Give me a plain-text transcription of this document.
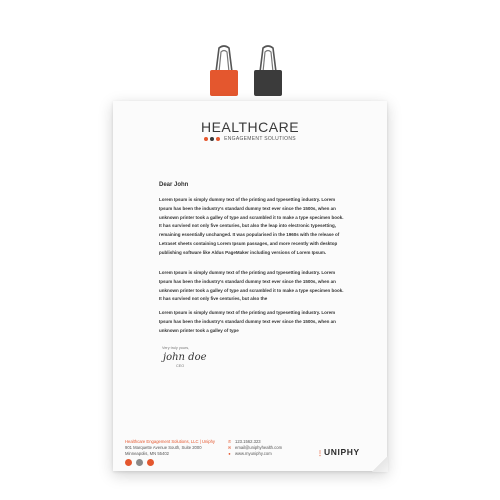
HEALTHCARE
ENGAGEMENT SOLUTIONS
Dear John

Lorem Ipsum is simply dummy text of the printing and typesetting industry. Lorem Ipsum has been the industry's standard dummy text ever since the 1500s, when an unknown printer took a galley of type and scrambled it to make a type specimen book. It has survived not only five centuries, but also the leap into electronic typesetting, remaining essentially unchanged. It was popularised in the 1960s with the release of Letraset sheets containing Lorem Ipsum passages, and more recently with desktop publishing software like Aldus PageMaker including versions of Lorem Ipsum.

Lorem Ipsum is simply dummy text of the printing and typesetting industry. Lorem Ipsum has been the industry's standard dummy text ever since the 1500s, when an unknown printer took a galley of type and scrambled it to make a type specimen book. It has survived not only five centuries, but also the

Lorem Ipsum is simply dummy text of the printing and typesetting industry. Lorem Ipsum has been the industry's standard dummy text ever since the 1500s, when an unknown printer took a galley of type

Very truly yours,
john doe
CEO
Healthcare Engagement Solutions, LLC | Uniphy
901 Marquette Avenue South, Suite 2000
Minneapolis, MN 55402
✆ 123.1562.323
✉ email@uniphyhealth.com
●	www.myuniphy.com	⋮UNIPHY
